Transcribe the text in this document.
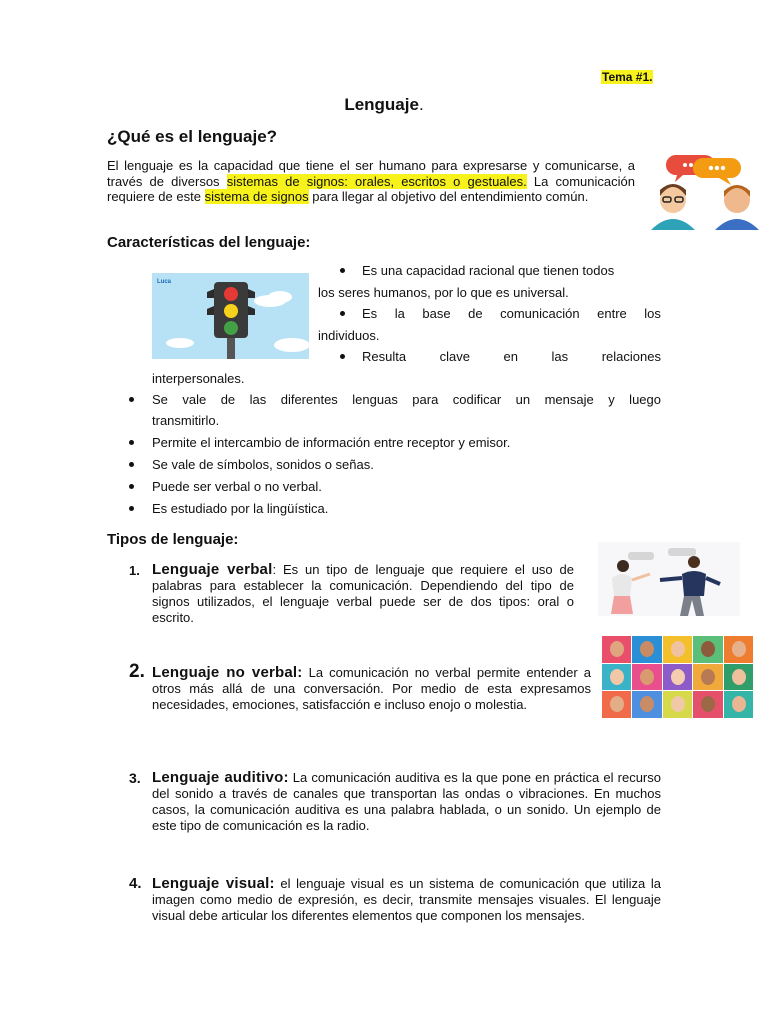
Tema #1.
Lenguaje.
¿Qué es el lenguaje?
El lenguaje es la capacidad que tiene el ser humano para expresarse y comunicarse, a través de diversos sistemas de signos: orales, escritos o gestuales. La comunicación requiere de este sistema de signos para llegar al objetivo del entendimiento común.
Características del lenguaje:
Luca
Es una capacidad racional que tienen todos
los seres humanos, por lo que es universal.
Es la base de comunicación entre los
individuos.
Resulta	clave	en	las	relaciones
interpersonales.
Se vale de las diferentes lenguas para codificar un mensaje y luego
transmitirlo.
Permite el intercambio de información entre receptor y emisor.
Se vale de símbolos, sonidos o señas.
Puede ser verbal o no verbal.
Es estudiado por la lingüística.
Tipos de lenguaje:
1. Lenguaje verbal: Es un tipo de lenguaje que requiere el uso de palabras para establecer la comunicación. Dependiendo del tipo de signos utilizados, el lenguaje verbal puede ser de dos tipos: oral o escrito.
2. Lenguaje no verbal: La comunicación no verbal permite entender a otros más allá de una conversación. Por medio de esta expresamos necesidades, emociones, satisfacción e incluso enojo o molestia.
3. Lenguaje auditivo: La comunicación auditiva es la que pone en práctica el recurso del sonido a través de canales que transportan las ondas o vibraciones. En muchos casos, la comunicación auditiva es una palabra hablada, o un sonido. Un ejemplo de este tipo de comunicación es la radio.
4. Lenguaje visual: el lenguaje visual es un sistema de comunicación que utiliza la imagen como medio de expresión, es decir, transmite mensajes visuales. El lenguaje visual debe articular los diferentes elementos que componen los mensajes.
